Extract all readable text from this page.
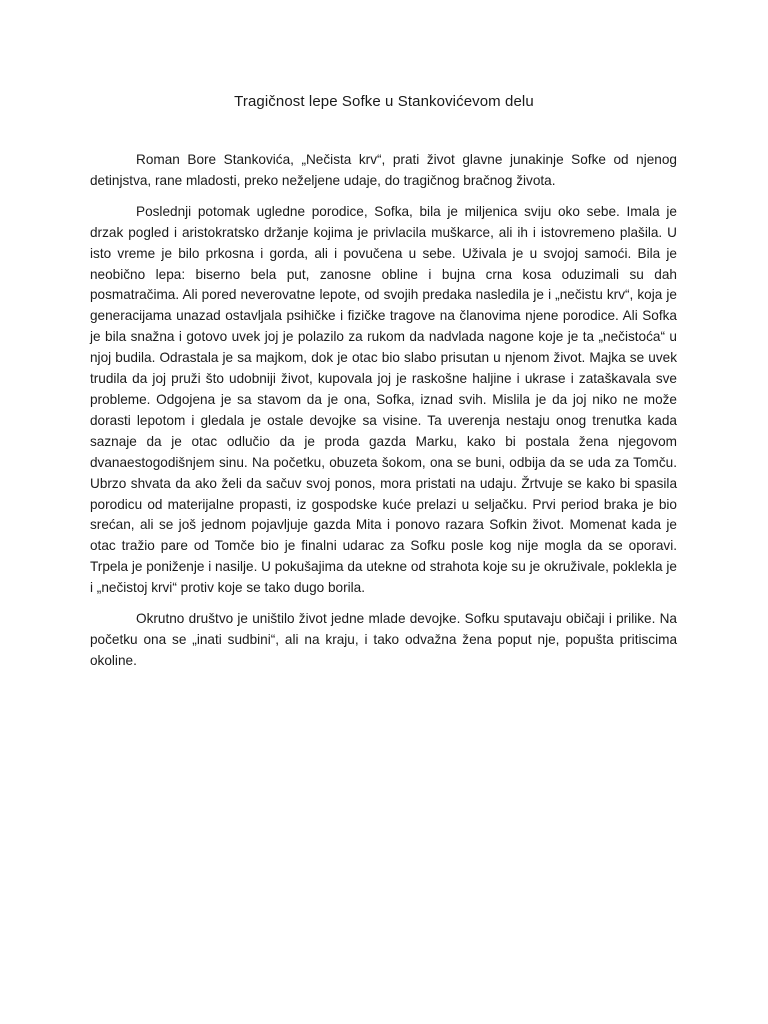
Tragičnost lepe Sofke u Stankovićevom delu

Roman Bore Stankovića, „Nečista krv“, prati život glavne junakinje Sofke od njenog detinjstva, rane mladosti, preko neželjene udaje, do tragičnog bračnog života.

Poslednji potomak ugledne porodice, Sofka, bila je miljenica sviju oko sebe. Imala je drzak pogled i aristokratsko držanje kojima je privlacila muškarce, ali ih i istovremeno plašila. U isto vreme je bilo prkosna i gorda, ali i povučena u sebe. Uživala je u svojoj samoći. Bila je neobično lepa: biserno bela put, zanosne obline i bujna crna kosa oduzimali su dah posmatračima. Ali pored neverovatne lepote, od svojih predaka nasledila je i „nečistu krv“, koja je generacijama unazad ostavljala psihičke i fizičke tragove na članovima njene porodice. Ali Sofka je bila snažna i gotovo uvek joj je polazilo za rukom da nadvlada nagone koje je ta „nečistoća“ u njoj budila. Odrastala je sa majkom, dok je otac bio slabo prisutan u njenom život. Majka se uvek trudila da joj pruži što udobniji život, kupovala joj je raskošne haljine i ukrase i zataškavala sve probleme. Odgojena je sa stavom da je ona, Sofka, iznad svih. Mislila je da joj niko ne može dorasti lepotom i gledala je ostale devojke sa visine. Ta uverenja nestaju onog trenutka kada saznaje da je otac odlučio da je proda gazda Marku, kako bi postala žena njegovom dvanaestogodišnjem sinu. Na početku, obuzeta šokom, ona se buni, odbija da se uda za Tomču. Ubrzo shvata da ako želi da sačuv svoj ponos, mora pristati na udaju. Žrtvuje se kako bi spasila porodicu od materijalne propasti, iz gospodske kuće prelazi u seljačku. Prvi period braka je bio srećan, ali se još jednom pojavljuje gazda Mita i ponovo razara Sofkin život. Momenat kada je otac tražio pare od Tomče bio je finalni udarac za Sofku posle kog nije mogla da se oporavi. Trpela je poniženje i nasilje. U pokušajima da utekne od strahota koje su je okruživale, poklekla je i „nečistoj krvi“ protiv koje se tako dugo borila.

Okrutno društvo je uništilo život jedne mlade devojke. Sofku sputavaju običaji i prilike. Na početku ona se „inati sudbini“, ali na kraju, i tako odvažna žena poput nje, popušta pritiscima okoline.
